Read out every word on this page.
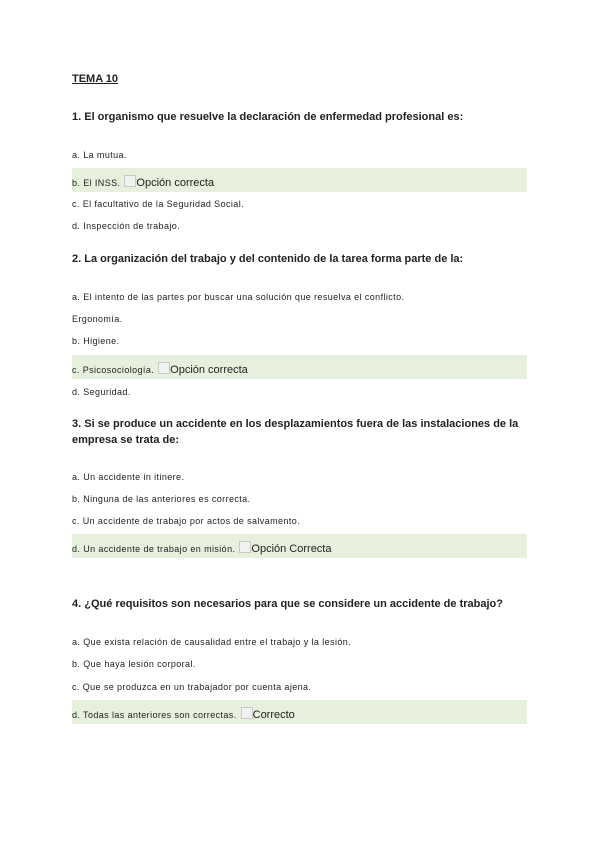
TEMA 10
1. El organismo que resuelve la declaración de enfermedad profesional es:
a. La mutua.
b. El INSS. Opción correcta
c. El facultativo de la Seguridad Social.
d. Inspección de trabajo.
2. La organización del trabajo y del contenido de la tarea forma parte de la:
a. El intento de las partes por buscar una solución que resuelva el conflicto.
Ergonomía.
b. Higiene.
c. Psicosociología. Opción correcta
d. Seguridad.
3. Si se produce un accidente en los desplazamientos fuera de las instalaciones de la
empresa se trata de:
a. Un accidente in itinere.
b. Ninguna de las anteriores es correcta.
c. Un accidente de trabajo por actos de salvamento.
d. Un accidente de trabajo en misión. Opción Correcta
4. ¿Qué requisitos son necesarios para que se considere un accidente de trabajo?
a. Que exista relación de causalidad entre el trabajo y la lesión.
b. Que haya lesión corporal.
c. Que se produzca en un trabajador por cuenta ajena.
d. Todas las anteriores son correctas. Correcto
